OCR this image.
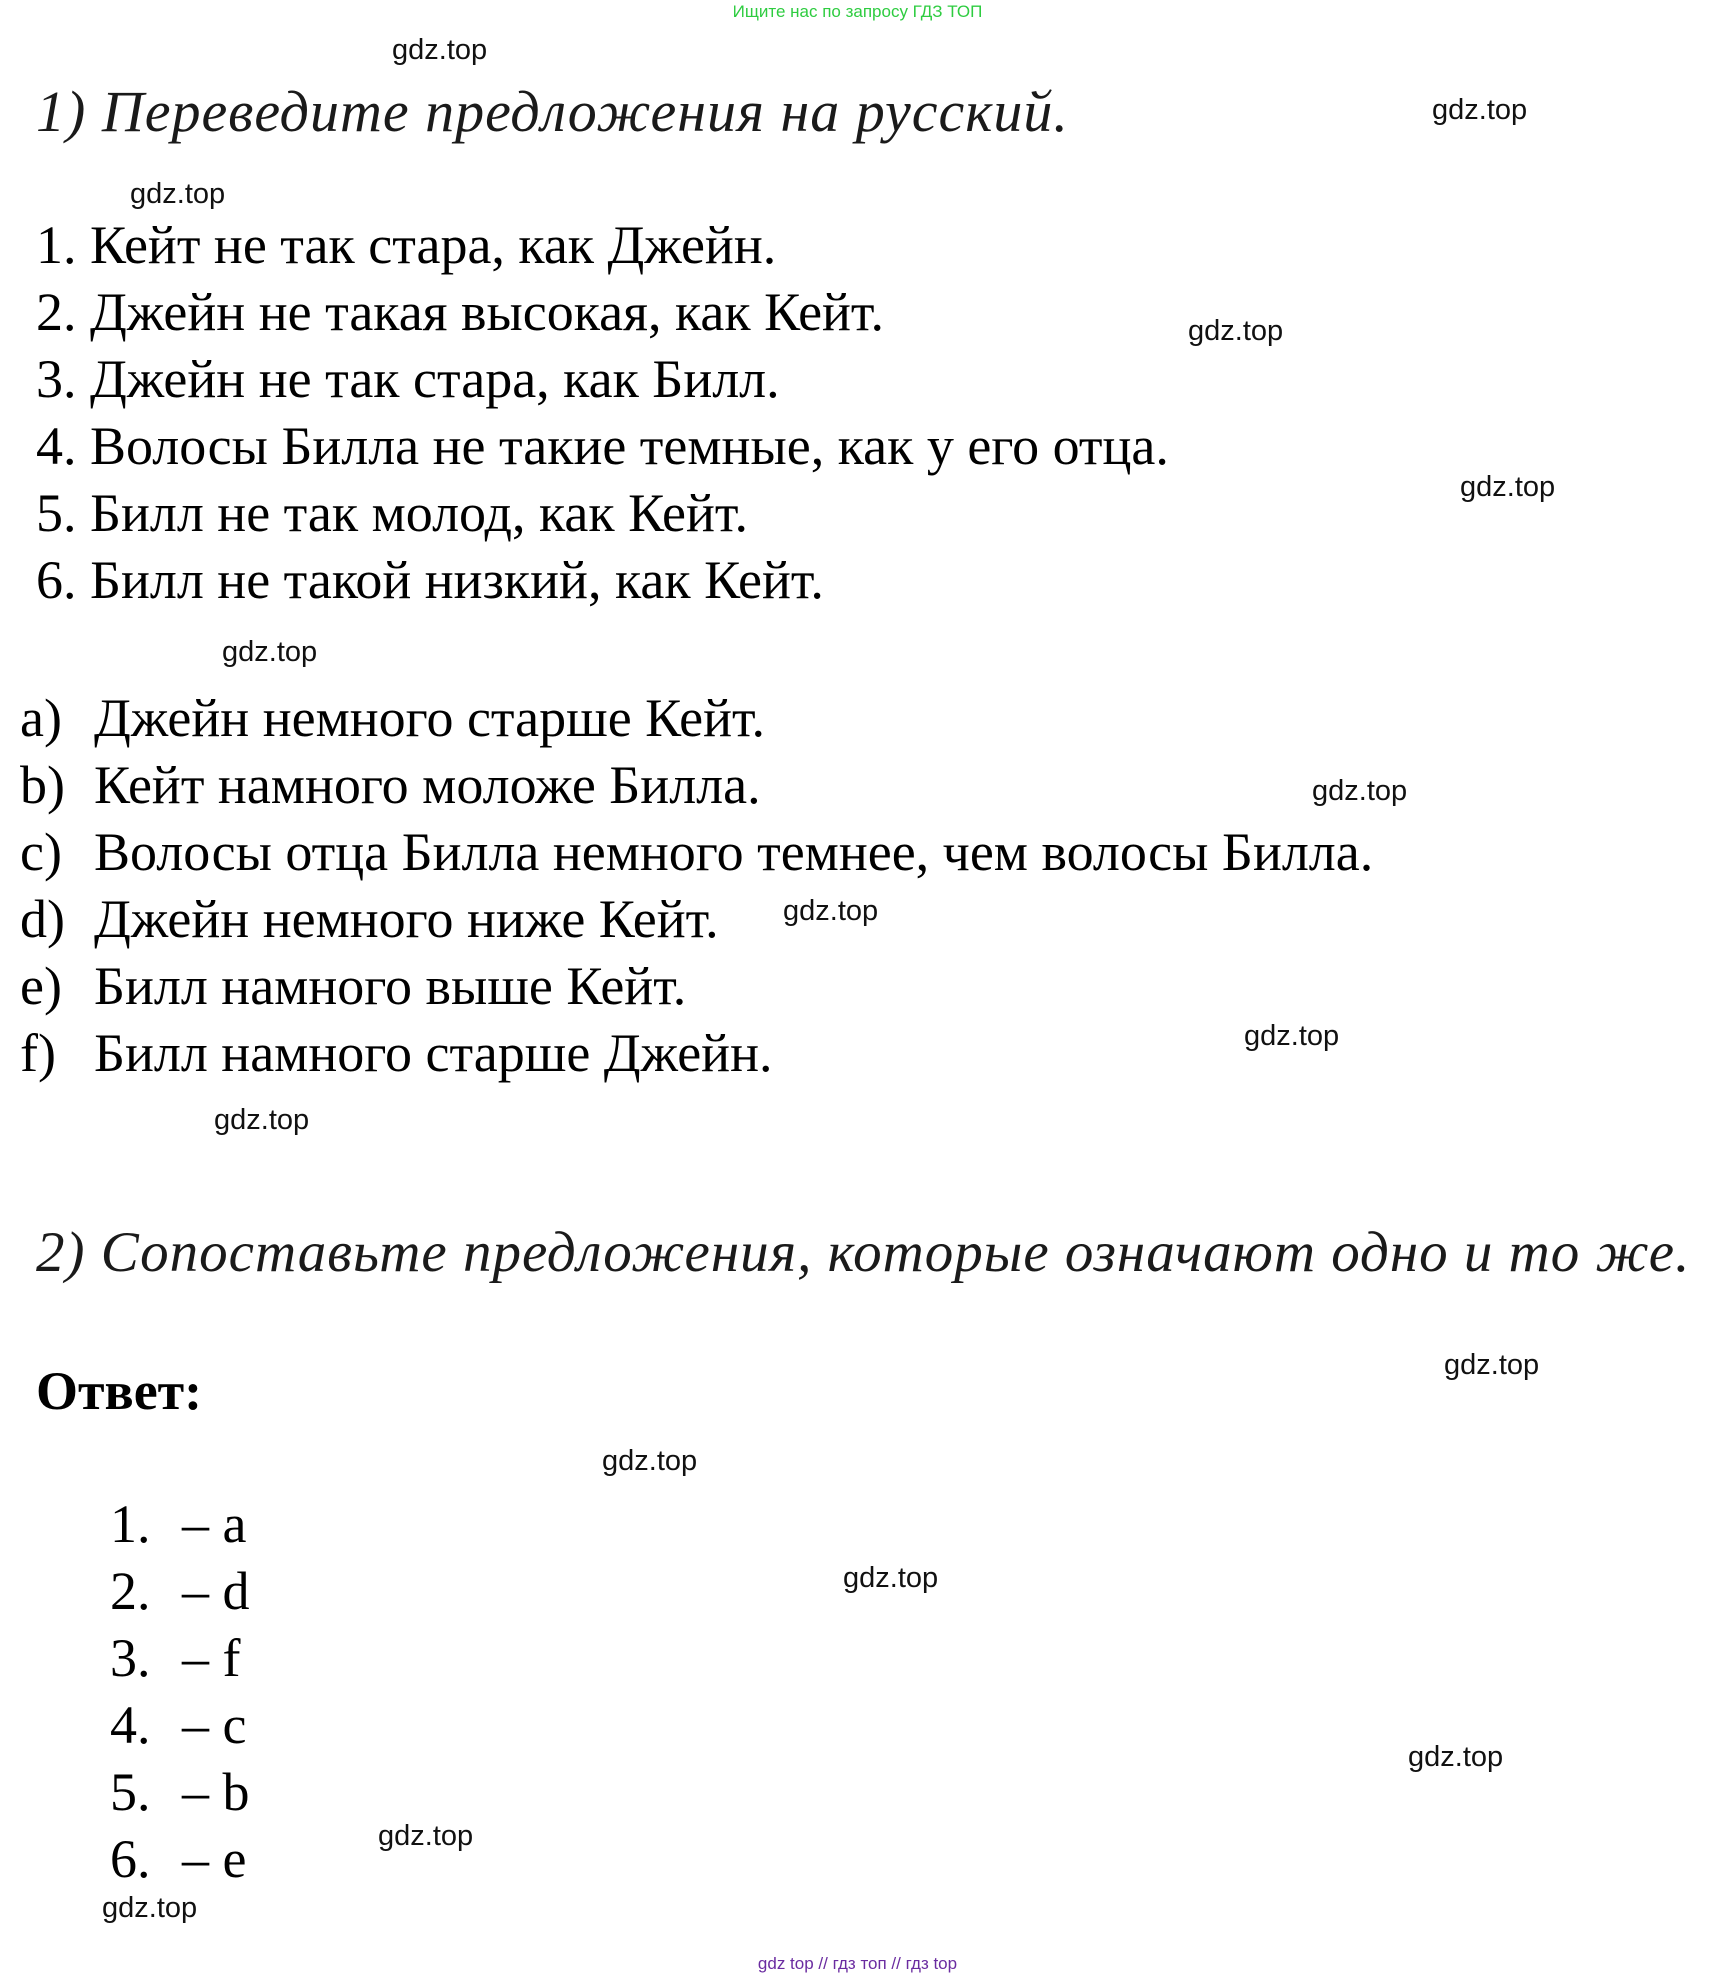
Ищите нас по запросу ГДЗ ТОП
1) Переведите предложения на русский.
1. Кейт не так стара, как Джейн.
2. Джейн не такая высокая, как Кейт.
3. Джейн не так стара, как Билл.
4. Волосы Билла не такие темные, как у его отца.
5. Билл не так молод, как Кейт.
6. Билл не такой низкий, как Кейт.
a) Джейн немного старше Кейт.
b) Кейт намного моложе Билла.
c) Волосы отца Билла немного темнее, чем волосы Билла.
d) Джейн немного ниже Кейт.
e) Билл намного выше Кейт.
f) Билл намного старше Джейн.
2) Сопоставьте предложения, которые означают одно и то же.
Ответ:
1. – a
2. – d
3. – f
4. – c
5. – b
6. – e
gdz.top
gdz.top
gdz.top
gdz.top
gdz.top
gdz.top
gdz.top
gdz.top
gdz.top
gdz.top
gdz.top
gdz.top
gdz.top
gdz.top
gdz.top
gdz.top
gdz top // гдз топ // гдз top
